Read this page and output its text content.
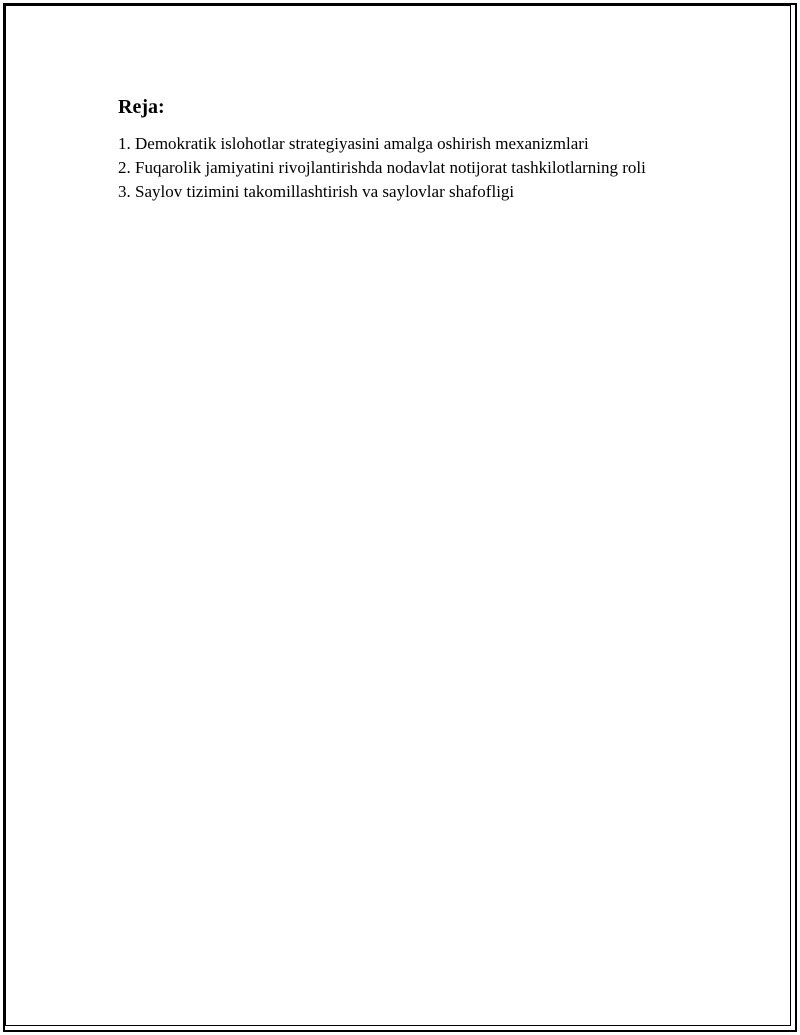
Reja:
1. Demokratik islohotlar strategiyasini amalga oshirish mexanizmlari
2. Fuqarolik jamiyatini rivojlantirishda nodavlat notijorat tashkilotlarning roli
3. Saylov tizimini takomillashtirish va saylovlar shafofligi
